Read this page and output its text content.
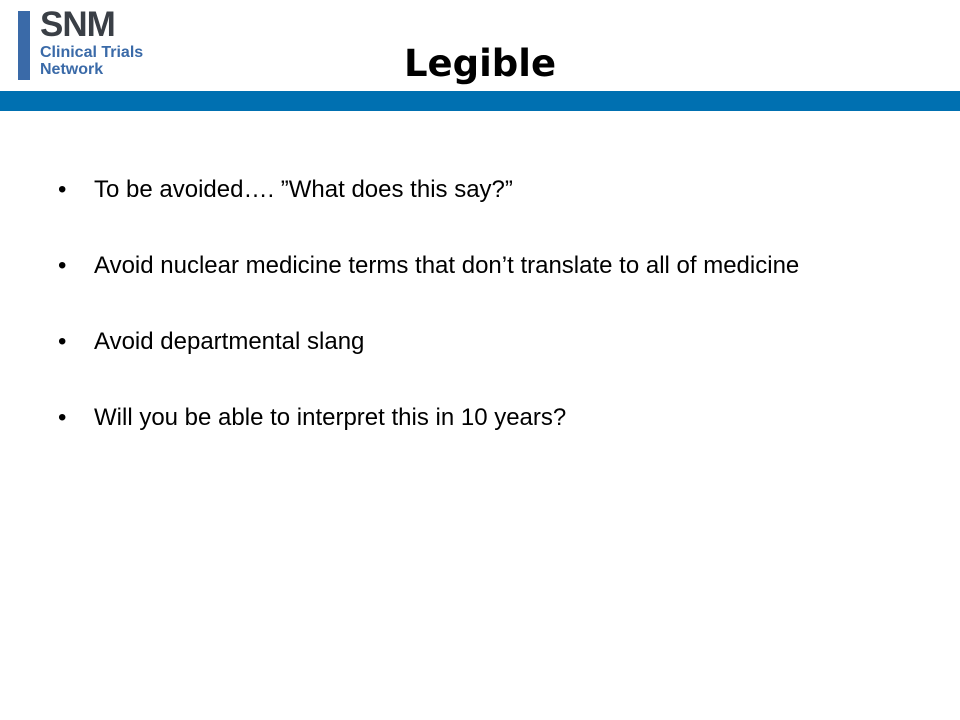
SNM
Clinical Trials
Network	Legible
• To be avoided…. ”What does this say?”
• Avoid nuclear medicine terms that don’t translate to all of medicine
• Avoid departmental slang
• Will you be able to interpret this in 10 years?
